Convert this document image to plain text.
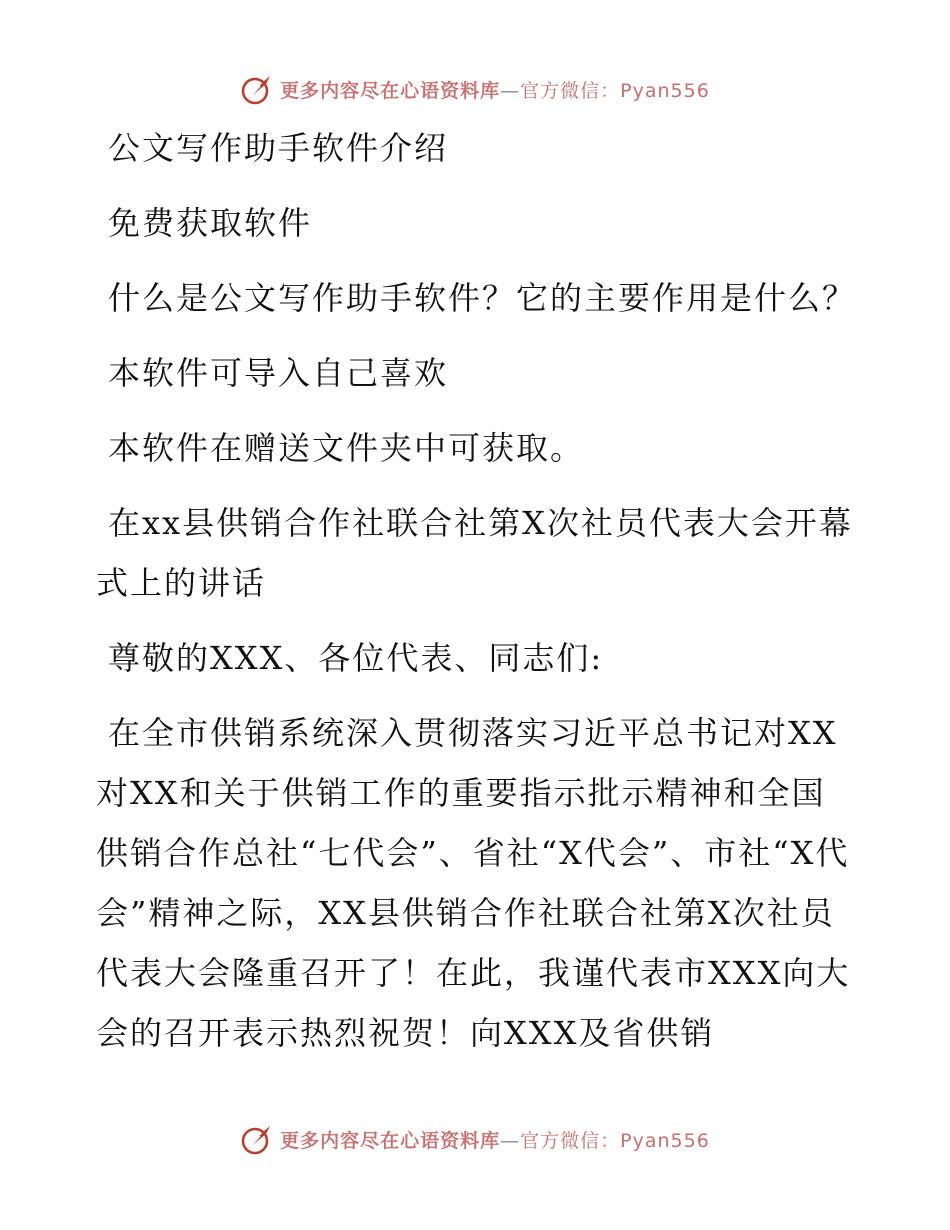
更多内容尽在心语资料库—官方微信：Pyan556

公文写作助手软件介绍

免费获取软件

什么是公文写作助手软件？它的主要作用是什么？

本软件可导入自己喜欢

本软件在赠送文件夹中可获取。

在xx县供销合作社联合社第X次社员代表大会开幕式上的讲话

尊敬的XXX、各位代表、同志们:

在全市供销系统深入贯彻落实习近平总书记对XX对XX和关于供销工作的重要指示批示精神和全国供销合作总社“七代会”、省社“X代会”、市社“X代会”精神之际，XX县供销合作社联合社第X次社员代表大会隆重召开了！在此，我谨代表市XXX向大会的召开表示热烈祝贺！向XXX及省供销

更多内容尽在心语资料库—官方微信：Pyan556
